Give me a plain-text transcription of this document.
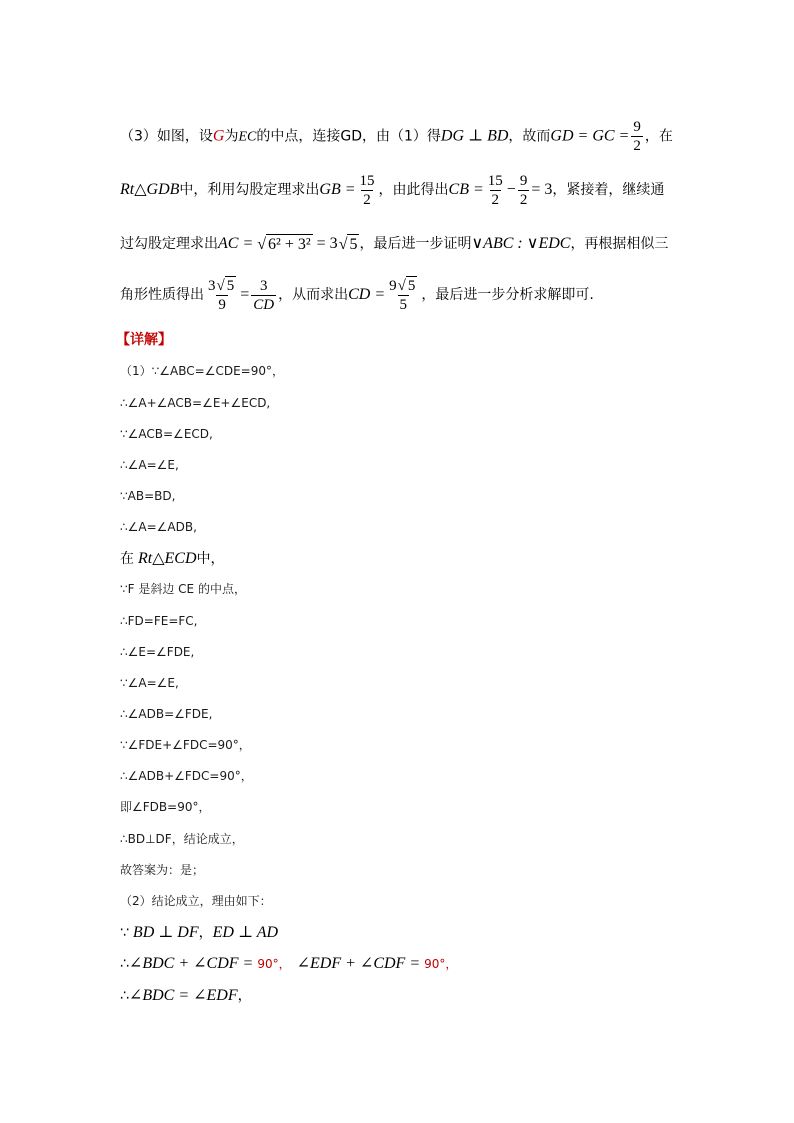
（3）如图，设G为EC的中点，连接GD，由（1）得DG ⊥ BD，故而GD = GC = $\frac{9}{2}$ ，在
Rt△GDB 中，利用勾股定理求出 GB = $\frac{15}{2}$ ，由此得出 CB = $\frac{15}{2} - \frac{9}{2} = 3$ ，紧接着，继续通
过勾股定理求出 AC = √ 6² + 3² = 3 √ 5 ，最后进一步证明 ∨ABC : ∨EDC ，再根据相似三
角形性质得出 $\frac{3√ 5}{9} = \frac{3}{CD}$ ，从而求出 CD = $\frac{9√ 5}{5}$ ，最后进一步分析求解即可.
【详解】
（1）∵∠ABC=∠CDE=90°，
∴∠A+∠ACB=∠E+∠ECD,
∵∠ACB=∠ECD,
∴∠A=∠E,
∵AB=BD,
∴∠A=∠ADB,
在 Rt△ECD中，
∵F 是斜边 CE 的中点，
∴FD=FE=FC,
∴∠E=∠FDE,
∵∠A=∠E,
∴∠ADB=∠FDE,
∵∠FDE+∠FDC=90°，
∴∠ADB+∠FDC=90°，
即∠FDB=90°，
∴BD⊥DF，结论成立，
故答案为：是；
（2）结论成立，理由如下：
∵ BD ⊥ DF，ED ⊥ AD
∴∠BDC + ∠CDF = 90°， ∠EDF + ∠CDF = 90°，
∴∠BDC = ∠EDF，
